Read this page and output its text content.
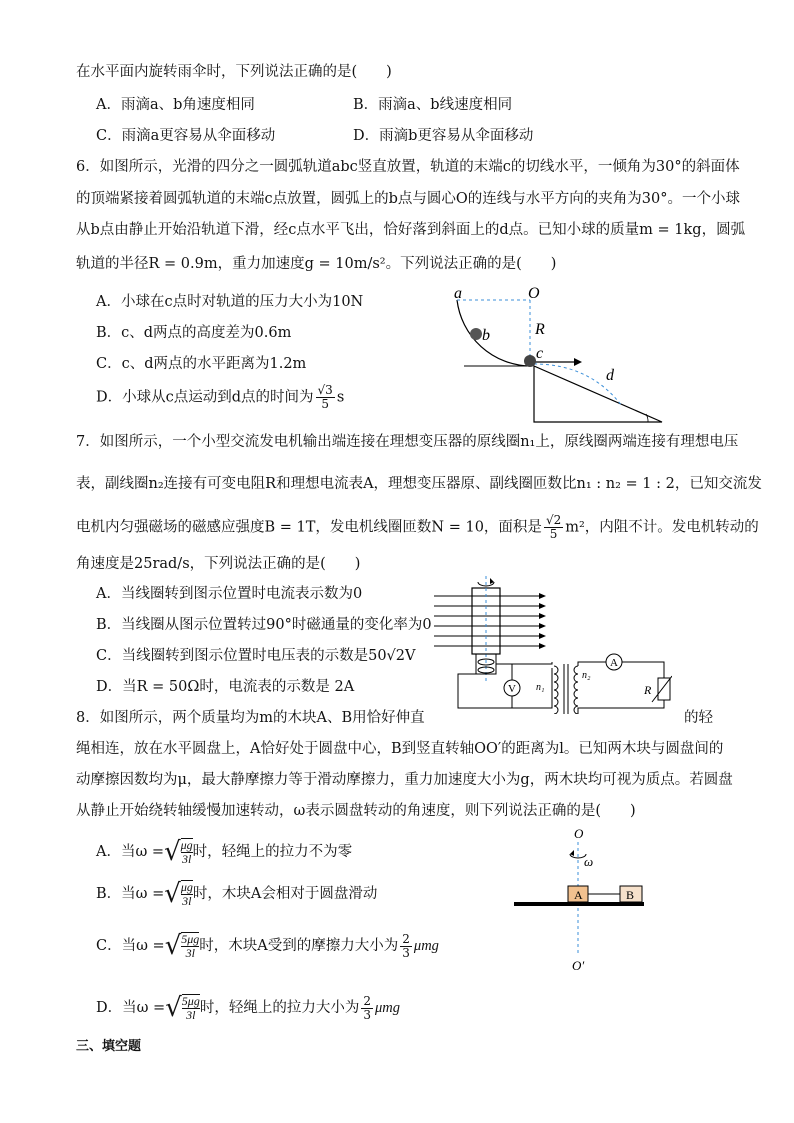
在水平面内旋转雨伞时，下列说法正确的是(　　)
A．雨滴a、b角速度相同	B．雨滴a、b线速度相同
C．雨滴a更容易从伞面移动	D．雨滴b更容易从伞面移动
6．如图所示，光滑的四分之一圆弧轨道abc竖直放置，轨道的末端c的切线水平，一倾角为30°的斜面体
的顶端紧接着圆弧轨道的末端c点放置，圆弧上的b点与圆心O的连线与水平方向的夹角为30°。一个小球
从b点由静止开始沿轨道下滑，经c点水平飞出，恰好落到斜面上的d点。已知小球的质量m = 1kg，圆弧
轨道的半径R = 0.9m，重力加速度g = 10m/s²。下列说法正确的是(　　)
A．小球在c点时对轨道的压力大小为10N
B．c、d两点的高度差为0.6m
C．c、d两点的水平距离为1.2m
D．小球从c点运动到d点的时间为 $\frac{√3}{5}$ s
a	O
b	R
c
d
7．如图所示，一个小型交流发电机输出端连接在理想变压器的原线圈n₁上，原线圈两端连接有理想电压
表，副线圈n₂连接有可变电阻R和理想电流表A，理想变压器原、副线圈匝数比n₁ : n₂ = 1 : 2，已知交流发
电机内匀强磁场的磁感应强度B = 1T，发电机线圈匝数N = 10，面积是 $\frac{√2}{5} m^2$，内阻不计。发电机转动的
角速度是25rad/s，下列说法正确的是(　　)
A．当线圈转到图示位置时电流表示数为0
B．当线圈从图示位置转过90°时磁通量的变化率为0
C．当线圈转到图示位置时电压表的示数是50√2V
D．当R = 50Ω时，电流表的示数是 2A	V n₁
n₂
A
R
8．如图所示，两个质量均为m的木块A、B用恰好伸直	的轻
绳相连，放在水平圆盘上，A恰好处于圆盘中心，B到竖直转轴OO′的距离为l。已知两木块与圆盘间的
动摩擦因数均为μ，最大静摩擦力等于滑动摩擦力，重力加速度大小为g，两木块均可视为质点。若圆盘
从静止开始绕转轴缓慢加速转动，ω表示圆盘转动的角速度，则下列说法正确的是(　　)
A．当ω =√ $\frac{\mu g}{3l}$ 时，轻绳上的拉力不为零
B．当ω =√ $\frac{\mu g}{3l}$ 时，木块A会相对于圆盘滑动
C．当ω =√ $\frac{5\mu g}{3l}$ 时，木块A受到的摩擦力大小为 $\frac{2}{3}$ μmg
D．当ω =√ $\frac{5\mu g}{3l}$ 时，轻绳上的拉力大小为 $\frac{2}{3}$ μmg
O
ω
A	B
O′
三、填空题
